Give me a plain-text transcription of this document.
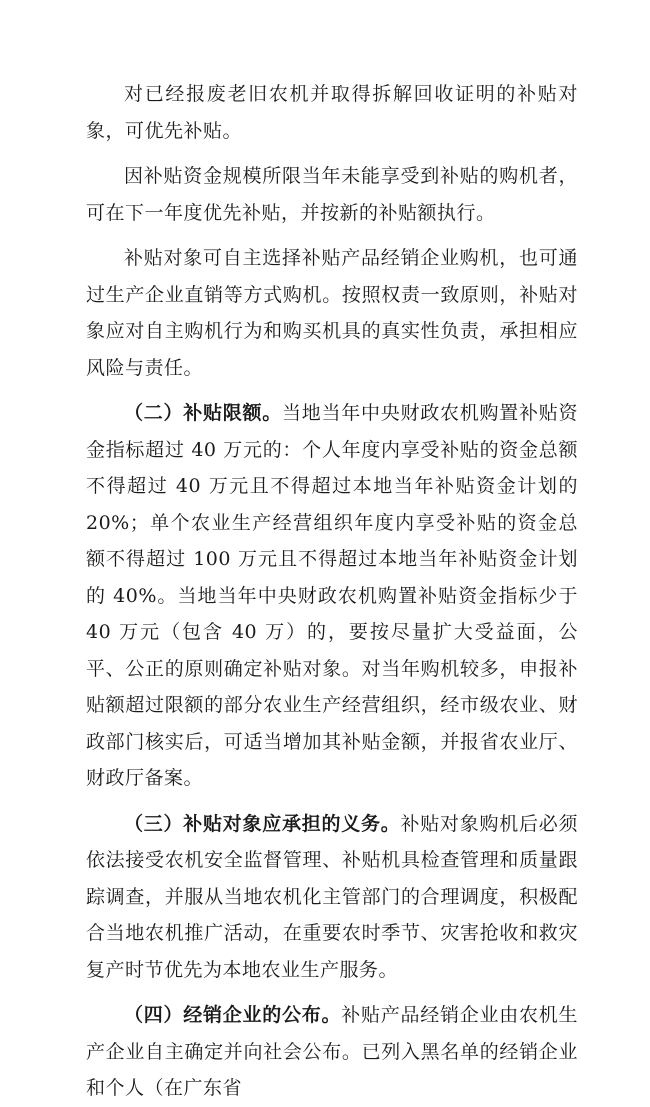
对已经报废老旧农机并取得拆解回收证明的补贴对象，可优先补贴。

因补贴资金规模所限当年未能享受到补贴的购机者，可在下一年度优先补贴，并按新的补贴额执行。

补贴对象可自主选择补贴产品经销企业购机，也可通过生产企业直销等方式购机。按照权责一致原则，补贴对象应对自主购机行为和购买机具的真实性负责，承担相应风险与责任。

（二）补贴限额。当地当年中央财政农机购置补贴资金指标超过 40 万元的：个人年度内享受补贴的资金总额不得超过 40 万元且不得超过本地当年补贴资金计划的 20%；单个农业生产经营组织年度内享受补贴的资金总额不得超过 100 万元且不得超过本地当年补贴资金计划的 40%。当地当年中央财政农机购置补贴资金指标少于 40 万元（包含 40 万）的，要按尽量扩大受益面，公平、公正的原则确定补贴对象。对当年购机较多，申报补贴额超过限额的部分农业生产经营组织，经市级农业、财政部门核实后，可适当增加其补贴金额，并报省农业厅、财政厅备案。

（三）补贴对象应承担的义务。补贴对象购机后必须依法接受农机安全监督管理、补贴机具检查管理和质量跟踪调查，并服从当地农机化主管部门的合理调度，积极配合当地农机推广活动，在重要农时季节、灾害抢收和救灾复产时节优先为本地农业生产服务。

（四）经销企业的公布。补贴产品经销企业由农机生产企业自主确定并向社会公布。已列入黑名单的经销企业和个人（在广东省
